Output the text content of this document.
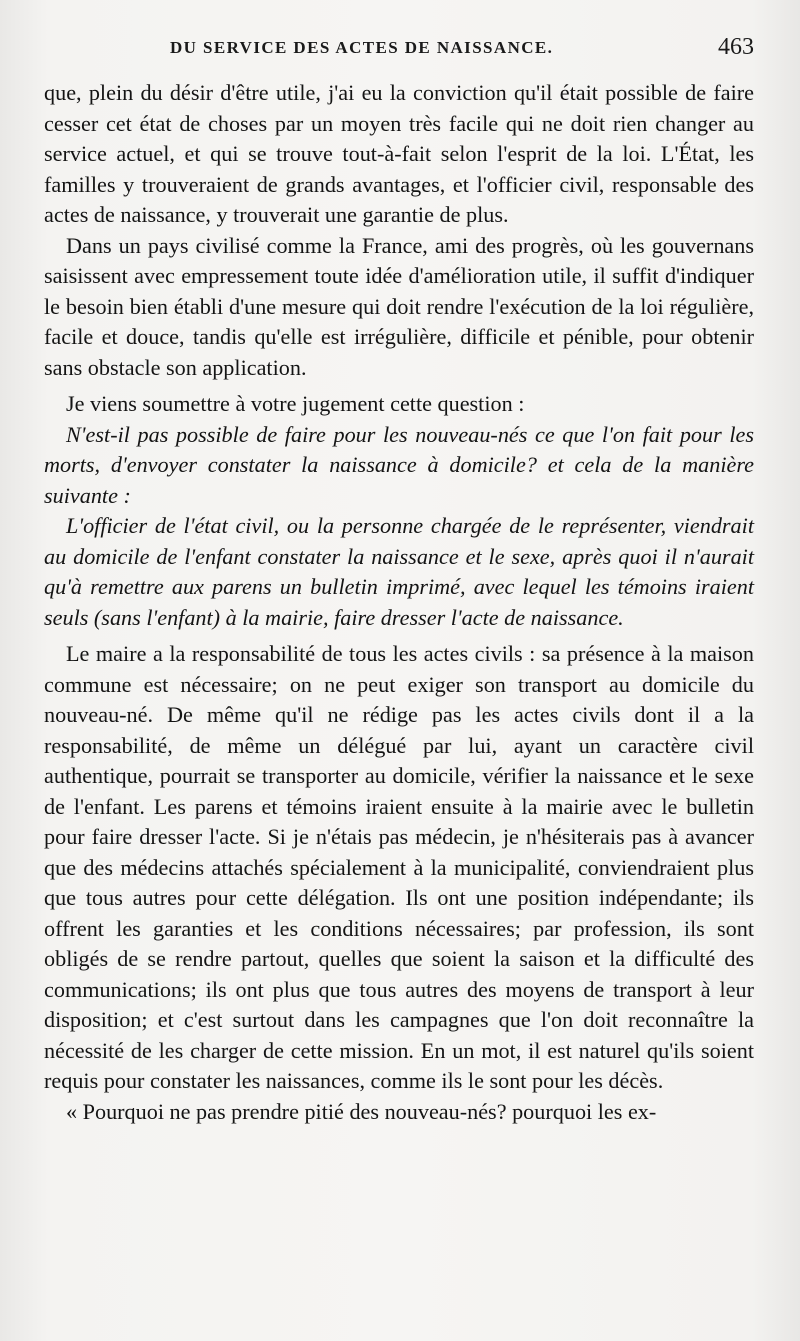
DU SERVICE DES ACTES DE NAISSANCE.	463

que, plein du désir d'être utile, j'ai eu la conviction qu'il était possible de faire cesser cet état de choses par un moyen très facile qui ne doit rien changer au service actuel, et qui se trouve tout-à-fait selon l'esprit de la loi. L'État, les familles y trouveraient de grands avantages, et l'officier civil, responsable des actes de naissance, y trouverait une garantie de plus.

Dans un pays civilisé comme la France, ami des progrès, où les gouvernans saisissent avec empressement toute idée d'amélioration utile, il suffit d'indiquer le besoin bien établi d'une mesure qui doit rendre l'exécution de la loi régulière, facile et douce, tandis qu'elle est irrégulière, difficile et pénible, pour obtenir sans obstacle son application.

Je viens soumettre à votre jugement cette question :

N'est-il pas possible de faire pour les nouveau-nés ce que l'on fait pour les morts, d'envoyer constater la naissance à domicile? et cela de la manière suivante :

L'officier de l'état civil, ou la personne chargée de le représenter, viendrait au domicile de l'enfant constater la naissance et le sexe, après quoi il n'aurait qu'à remettre aux parens un bulletin imprimé, avec lequel les témoins iraient seuls (sans l'enfant) à la mairie, faire dresser l'acte de naissance.

Le maire a la responsabilité de tous les actes civils : sa présence à la maison commune est nécessaire; on ne peut exiger son transport au domicile du nouveau-né. De même qu'il ne rédige pas les actes civils dont il a la responsabilité, de même un délégué par lui, ayant un caractère civil authentique, pourrait se transporter au domicile, vérifier la naissance et le sexe de l'enfant. Les parens et témoins iraient ensuite à la mairie avec le bulletin pour faire dresser l'acte. Si je n'étais pas médecin, je n'hésiterais pas à avancer que des médecins attachés spécialement à la municipalité, conviendraient plus que tous autres pour cette délégation. Ils ont une position indépendante; ils offrent les garanties et les conditions nécessaires; par profession, ils sont obligés de se rendre partout, quelles que soient la saison et la difficulté des communications; ils ont plus que tous autres des moyens de transport à leur disposition; et c'est surtout dans les campagnes que l'on doit reconnaître la nécessité de les charger de cette mission. En un mot, il est naturel qu'ils soient requis pour constater les naissances, comme ils le sont pour les décès.

« Pourquoi ne pas prendre pitié des nouveau-nés? pourquoi les ex-
